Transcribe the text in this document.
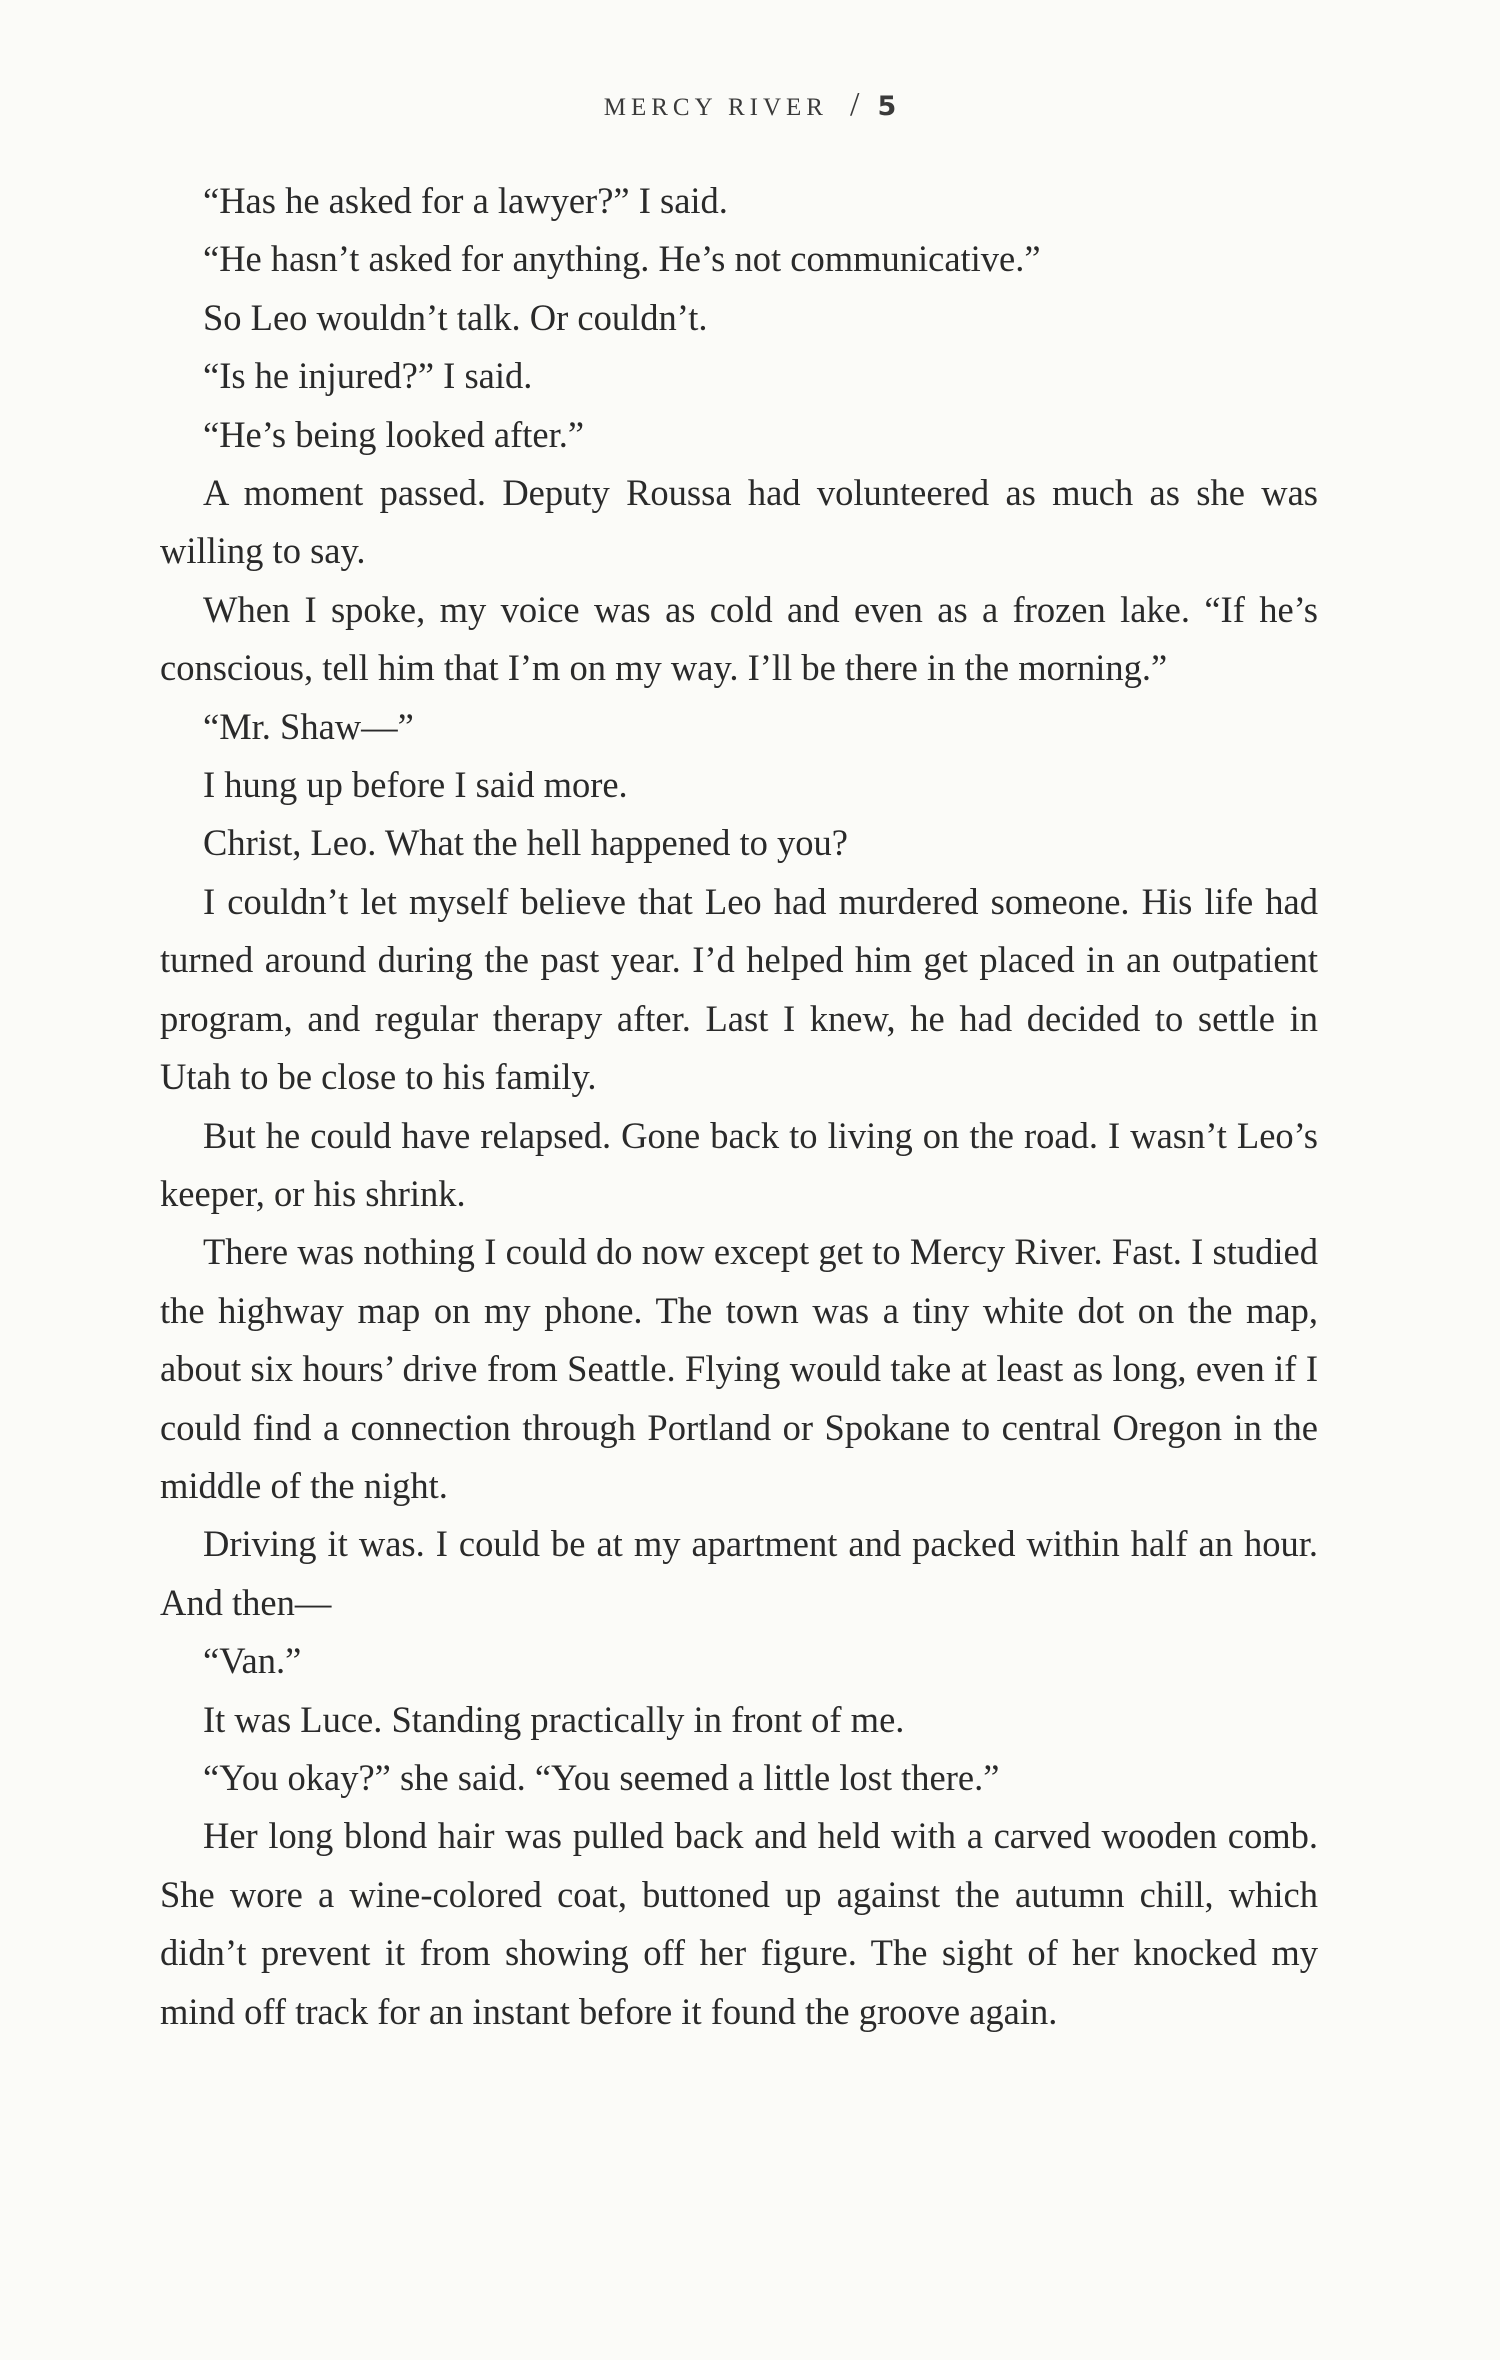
MERCY RIVER / 5

“Has he asked for a lawyer?” I said.

“He hasn’t asked for anything. He’s not communicative.”

So Leo wouldn’t talk. Or couldn’t.

“Is he injured?” I said.

“He’s being looked after.”

A moment passed. Deputy Roussa had volunteered as much as she was willing to say.

When I spoke, my voice was as cold and even as a frozen lake. “If he’s conscious, tell him that I’m on my way. I’ll be there in the morning.”

“Mr. Shaw—”

I hung up before I said more.

Christ, Leo. What the hell happened to you?

I couldn’t let myself believe that Leo had murdered someone. His life had turned around during the past year. I’d helped him get placed in an outpatient program, and regular therapy after. Last I knew, he had decided to settle in Utah to be close to his family.

But he could have relapsed. Gone back to living on the road. I wasn’t Leo’s keeper, or his shrink.

There was nothing I could do now except get to Mercy River. Fast. I studied the highway map on my phone. The town was a tiny white dot on the map, about six hours’ drive from Seattle. Flying would take at least as long, even if I could find a connection through Portland or Spokane to central Oregon in the middle of the night.

Driving it was. I could be at my apartment and packed within half an hour. And then—

“Van.”

It was Luce. Standing practically in front of me.

“You okay?” she said. “You seemed a little lost there.”

Her long blond hair was pulled back and held with a carved wooden comb. She wore a wine-colored coat, buttoned up against the autumn chill, which didn’t prevent it from showing off her figure. The sight of her knocked my mind off track for an instant before it found the groove again.
